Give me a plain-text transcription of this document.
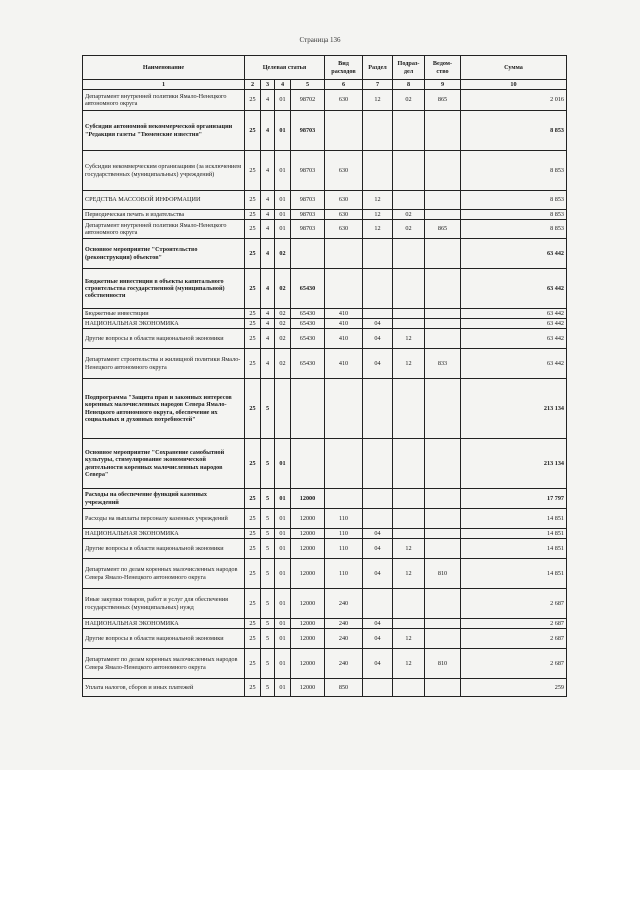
Страница 136
Наименование	Целевая статья				Вид расходов	Раздел	Подраз-дел	Ведом-ство	Сумма
1	2	3	4	5	6	7	8	9	10
Департамент внутренней политики Ямало-Ненецкого автономного округа	25	4	01	98702	630	12	02	865	2 016
Субсидии автономной некоммерческой организации "Редакция газеты "Тюменские известия"	25	4	01	98703					8 853
Субсидии некоммерческим организациям (за исключением государственных (муниципальных) учреждений)	25	4	01	98703	630				8 853
СРЕДСТВА МАССОВОЙ ИНФОРМАЦИИ	25	4	01	98703	630	12			8 853
Периодическая печать и издательства	25	4	01	98703	630	12	02		8 853
Департамент внутренней политики Ямало-Ненецкого автономного округа	25	4	01	98703	630	12	02	865	8 853
Основное мероприятие "Строительство (реконструкция) объектов"	25	4	02						63 442
Бюджетные инвестиции в объекты капитального строительства государственной (муниципальной) собственности	25	4	02	65430					63 442
Бюджетные инвестиции	25	4	02	65430	410				63 442
НАЦИОНАЛЬНАЯ ЭКОНОМИКА	25	4	02	65430	410	04			63 442
Другие вопросы в области национальной экономики	25	4	02	65430	410	04	12		63 442
Департамент строительства и жилищной политики Ямало-Ненецкого автономного округа	25	4	02	65430	410	04	12	833	63 442
Подпрограмма "Защита прав и законных интересов коренных малочисленных народов Севера Ямало-Ненецкого автономного округа, обеспечение их социальных и духовных потребностей"	25	5							213 134
Основное мероприятие "Сохранение самобытной культуры, стимулирование экономической деятельности коренных малочисленных народов Севера"	25	5	01						213 134
Расходы на обеспечение функций казенных учреждений	25	5	01	12000					17 797
Расходы на выплаты персоналу казенных учреждений	25	5	01	12000	110				14 851
НАЦИОНАЛЬНАЯ ЭКОНОМИКА	25	5	01	12000	110	04			14 851
Другие вопросы в области национальной экономики	25	5	01	12000	110	04	12		14 851
Департамент по делам коренных малочисленных народов Севера Ямало-Ненецкого автономного округа	25	5	01	12000	110	04	12	810	14 851
Иные закупки товаров, работ и услуг для обеспечения государственных (муниципальных) нужд	25	5	01	12000	240				2 687
НАЦИОНАЛЬНАЯ ЭКОНОМИКА	25	5	01	12000	240	04			2 687
Другие вопросы в области национальной экономики	25	5	01	12000	240	04	12		2 687
Департамент по делам коренных малочисленных народов Севера Ямало-Ненецкого автономного округа	25	5	01	12000	240	04	12	810	2 687
Уплата налогов, сборов и иных платежей	25	5	01	12000	850				259
